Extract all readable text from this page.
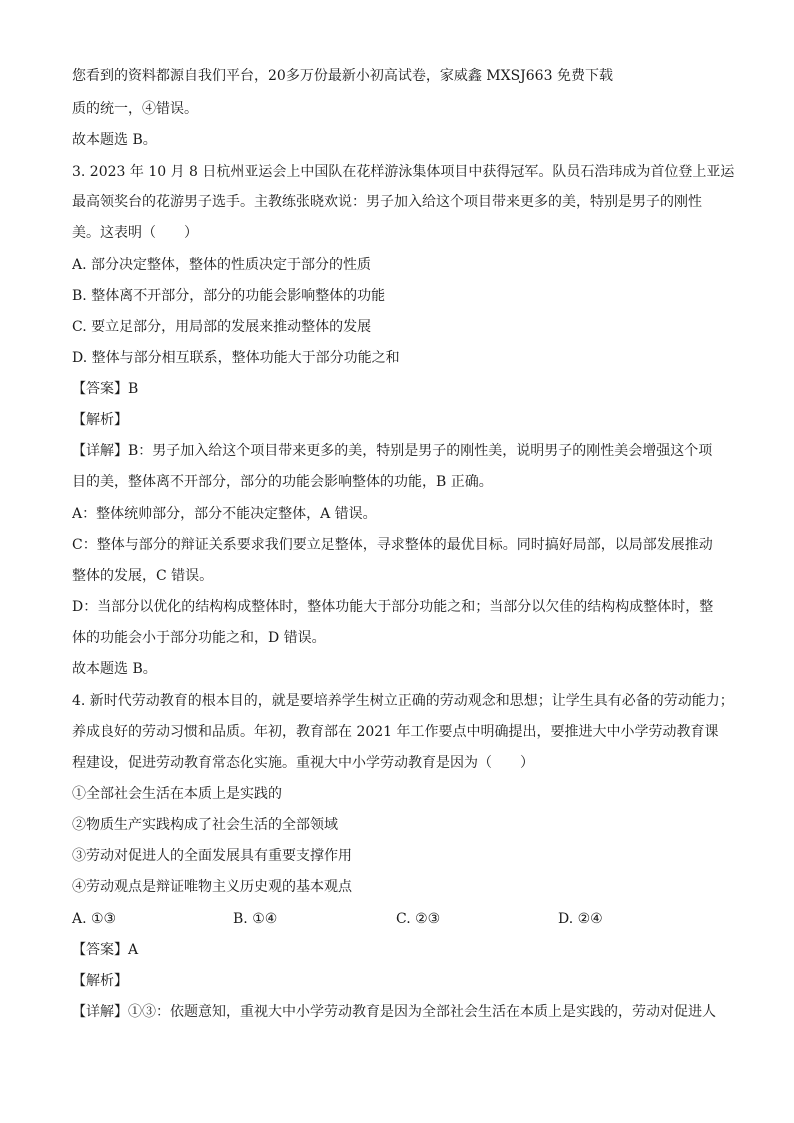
您看到的资料都源自我们平台，20多万份最新小初高试卷，家威鑫 MXSJ663 免费下载
质的统一，④错误。
故本题选 B。
3. 2023 年 10 月 8 日杭州亚运会上中国队在花样游泳集体项目中获得冠军。队员石浩玮成为首位登上亚运
最高领奖台的花游男子选手。主教练张晓欢说：男子加入给这个项目带来更多的美，特别是男子的刚性
美。这表明（　　）
A. 部分决定整体，整体的性质决定于部分的性质
B. 整体离不开部分，部分的功能会影响整体的功能
C. 要立足部分，用局部的发展来推动整体的发展
D. 整体与部分相互联系，整体功能大于部分功能之和
【答案】B
【解析】
【详解】B：男子加入给这个项目带来更多的美，特别是男子的刚性美，说明男子的刚性美会增强这个项
目的美，整体离不开部分，部分的功能会影响整体的功能，B 正确。
A：整体统帅部分，部分不能决定整体，A 错误。
C：整体与部分的辩证关系要求我们要立足整体，寻求整体的最优目标。同时搞好局部，以局部发展推动
整体的发展，C 错误。
D：当部分以优化的结构构成整体时，整体功能大于部分功能之和；当部分以欠佳的结构构成整体时，整
体的功能会小于部分功能之和，D 错误。
故本题选 B。
4. 新时代劳动教育的根本目的，就是要培养学生树立正确的劳动观念和思想；让学生具有必备的劳动能力；
养成良好的劳动习惯和品质。年初，教育部在 2021 年工作要点中明确提出，要推进大中小学劳动教育课
程建设，促进劳动教育常态化实施。重视大中小学劳动教育是因为（　　）
①全部社会生活在本质上是实践的
②物质生产实践构成了社会生活的全部领域
③劳动对促进人的全面发展具有重要支撑作用
④劳动观点是辩证唯物主义历史观的基本观点
A. ①③	B. ①④	C. ②③	D. ②④
【答案】A
【解析】
【详解】①③：依题意知，重视大中小学劳动教育是因为全部社会生活在本质上是实践的，劳动对促进人
